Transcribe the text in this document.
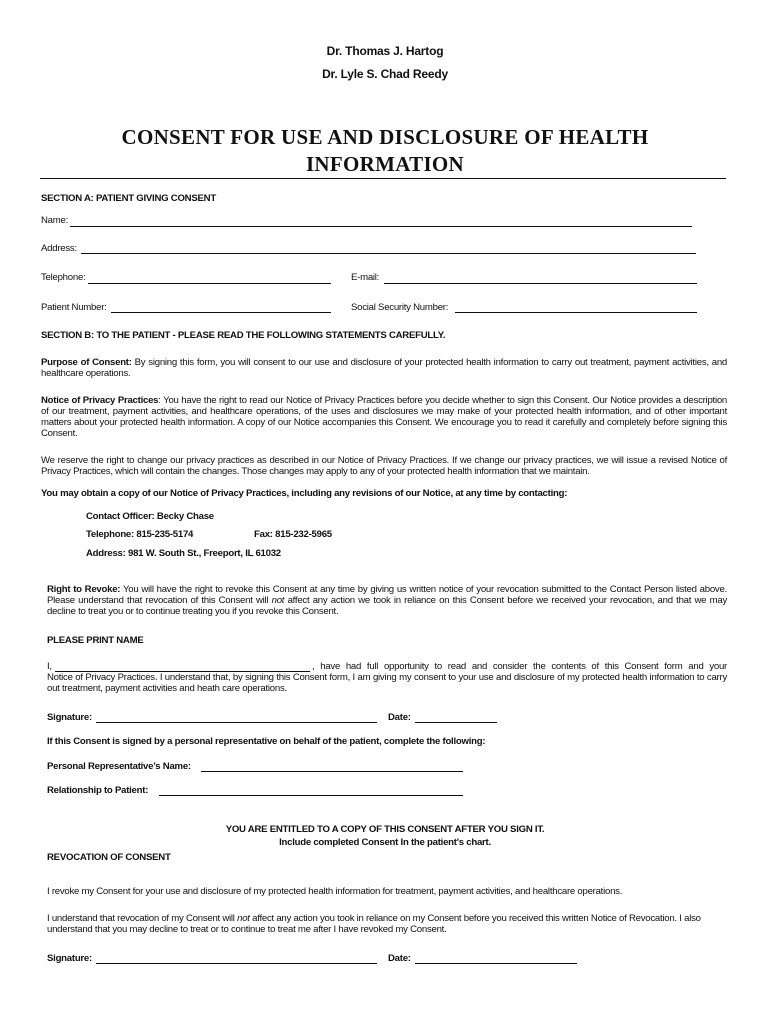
Dr. Thomas J. Hartog
Dr. Lyle S. Chad Reedy
CONSENT FOR USE AND DISCLOSURE OF HEALTH
INFORMATION
SECTION A: PATIENT GIVING CONSENT
Name:
Address:
Telephone:	E-mail:
Patient Number:	Social Security Number:
SECTION B: TO THE PATIENT - PLEASE READ THE FOLLOWING STATEMENTS CAREFULLY.
Purpose of Consent: By signing this form, you will consent to our use and disclosure of your protected health information to carry out treatment, payment activities, and healthcare operations.
Notice of Privacy Practices: You have the right to read our Notice of Privacy Practices before you decide whether to sign this Consent. Our Notice provides a description of our treatment, payment activities, and healthcare operations, of the uses and disclosures we may make of your protected health information, and of other important matters about your protected health information. A copy of our Notice accompanies this Consent. We encourage you to read it carefully and completely before signing this Consent.
We reserve the right to change our privacy practices as described in our Notice of Privacy Practices. If we change our privacy practices, we will issue a revised Notice of Privacy Practices, which will contain the changes. Those changes may apply to any of your protected health information that we maintain.
You may obtain a copy of our Notice of Privacy Practices, including any revisions of our Notice, at any time by contacting:
Contact Officer: Becky Chase
Telephone: 815-235-5174	Fax: 815-232-5965
Address: 981 W. South St., Freeport, IL 61032
Right to Revoke: You will have the right to revoke this Consent at any time by giving us written notice of your revocation submitted to the Contact Person listed above. Please understand that revocation of this Consent will not affect any action we took in reliance on this Consent before we received your revocation, and that we may decline to treat you or to continue treating you if you revoke this Consent.
PLEASE PRINT NAME
I,	, have had full opportunity to read and consider the contents of this Consent form and your
Notice of Privacy Practices. I understand that, by signing this Consent form, I am giving my consent to your use and disclosure of my protected health information to carry out treatment, payment activities and heath care operations.
Signature:	Date:
If this Consent is signed by a personal representative on behalf of the patient, complete the following:
Personal Representative’s Name:
Relationship to Patient:
YOU ARE ENTITLED TO A COPY OF THIS CONSENT AFTER YOU SIGN IT.
Include completed Consent In the patient's chart.
REVOCATION OF CONSENT
I revoke my Consent for your use and disclosure of my protected health information for treatment, payment activities, and healthcare operations.
I understand that revocation of my Consent will not affect any action you took in reliance on my Consent before you received this written Notice of Revocation. I also understand that you may decline to treat or to continue to treat me after I have revoked my Consent.
Signature:	Date:
